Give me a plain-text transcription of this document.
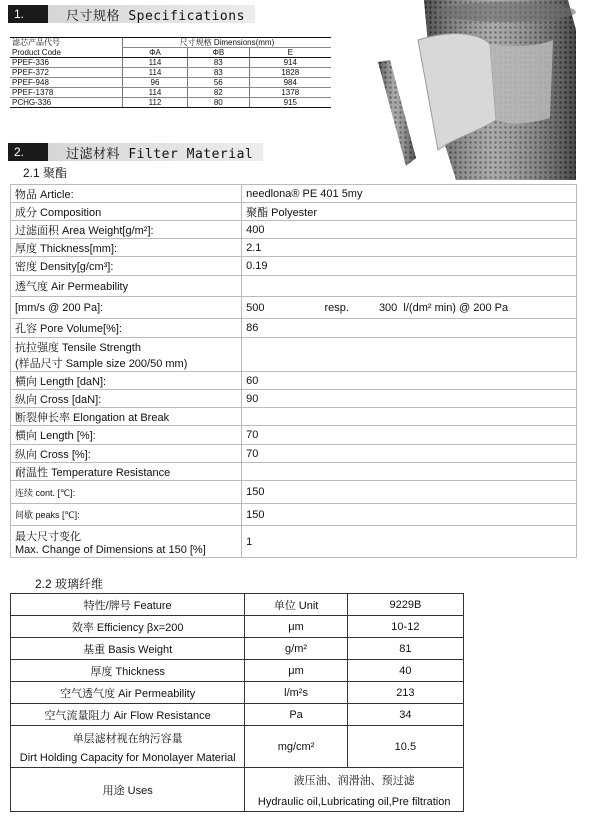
1.	尺寸规格 Specifications
滤芯产品代号	尺寸规格 Dimensions(mm)		
Product Code	ΦA	ΦB	E
PPEF-336	114	83	914
PPEF-372	114	83	1828
PPEF-948	96	56	984
PPEF-1378	114	82	1378
PCHG-336	112	80	915
2.	过滤材料 Filter Material
2.1 聚酯
物品 Article:	needlona® PE 401 5my
成分 Composition	聚酯 Polyester
过滤面积 Area Weight[g/m²]:	400
厚度 Thickness[mm]:	2.1
密度 Density[g/cm³]:	0.19
透气度 Air Permeability	
[mm/s @ 200 Pa]:	500 resp. 300 l/(dm² min) @ 200 Pa
孔容 Pore Volume[%]:	86

抗拉强度 Tensile Strength
(样品尺寸 Sample size 200/50 mm)	

横向 Length [daN]:	60
纵向 Cross [daN]:	90
断裂伸长率 Elongation at Break	
横向 Length [%]:	70
纵向 Cross [%]:	70
耐温性 Temperature Resistance	
连续 cont. [℃]:	150
间歇 peaks [℃]:	150

最大尺寸变化
Max. Change of Dimensions at 150 [%]	1
2.2 玻璃纤维
特性/牌号 Feature	单位 Unit	9229B
效率 Efficiency βx=200	μm	10-12
基重 Basis Weight	g/m²	81
厚度 Thickness	μm	40
空气透气度 Air Permeability	l/m²s	213
空气流量阻力 Air Flow Resistance	Pa	34

单层滤材视在纳污容量
Dirt Holding Capacity for Monolayer Material	mg/cm²	10.5
用途 Uses	液压油、润滑油、预过滤
Hydraulic oil,Lubricating oil,Pre filtration	
